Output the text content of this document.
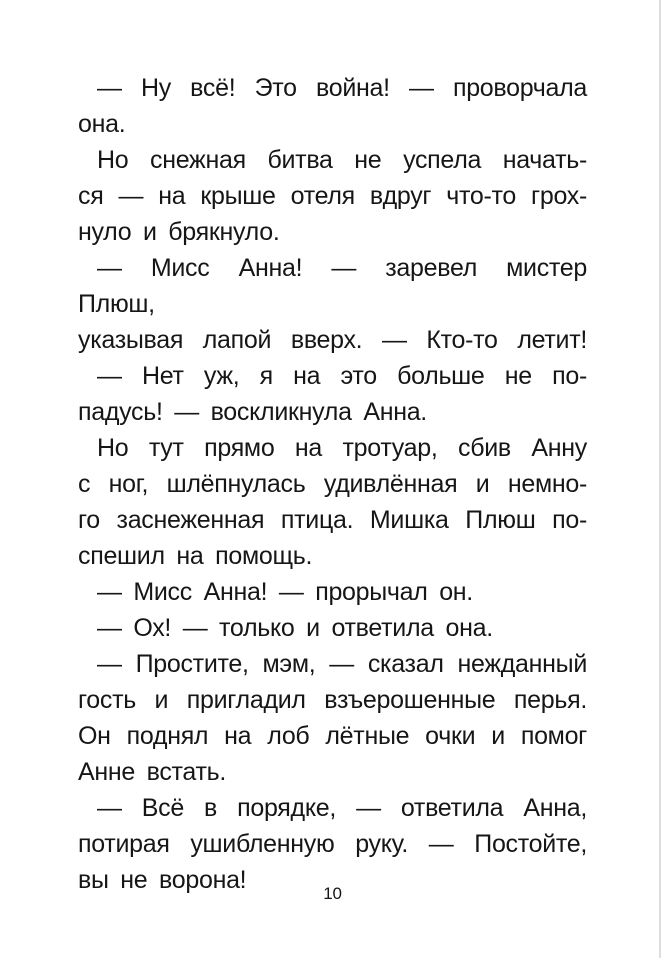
— Ну всё! Это война! — проворчала
она.
Но снежная битва не успела начать-
ся — на крыше отеля вдруг что-то грох-
нуло и брякнуло.
— Мисс Анна! — заревел мистер Плюш,
указывая лапой вверх. — Кто-то летит!
— Нет уж, я на это больше не по-
падусь! — воскликнула Анна.
Но тут прямо на тротуар, сбив Анну
с ног, шлёпнулась удивлённая и немно-
го заснеженная птица. Мишка Плюш по-
спешил на помощь.
— Мисс Анна! — прорычал он.
— Ох! — только и ответила она.
— Простите, мэм, — сказал нежданный
гость и пригладил взъерошенные перья.
Он поднял на лоб лётные очки и помог
Анне встать.
— Всё в порядке, — ответила Анна,
потирая ушибленную руку. — Постойте,
вы не ворона!	10
